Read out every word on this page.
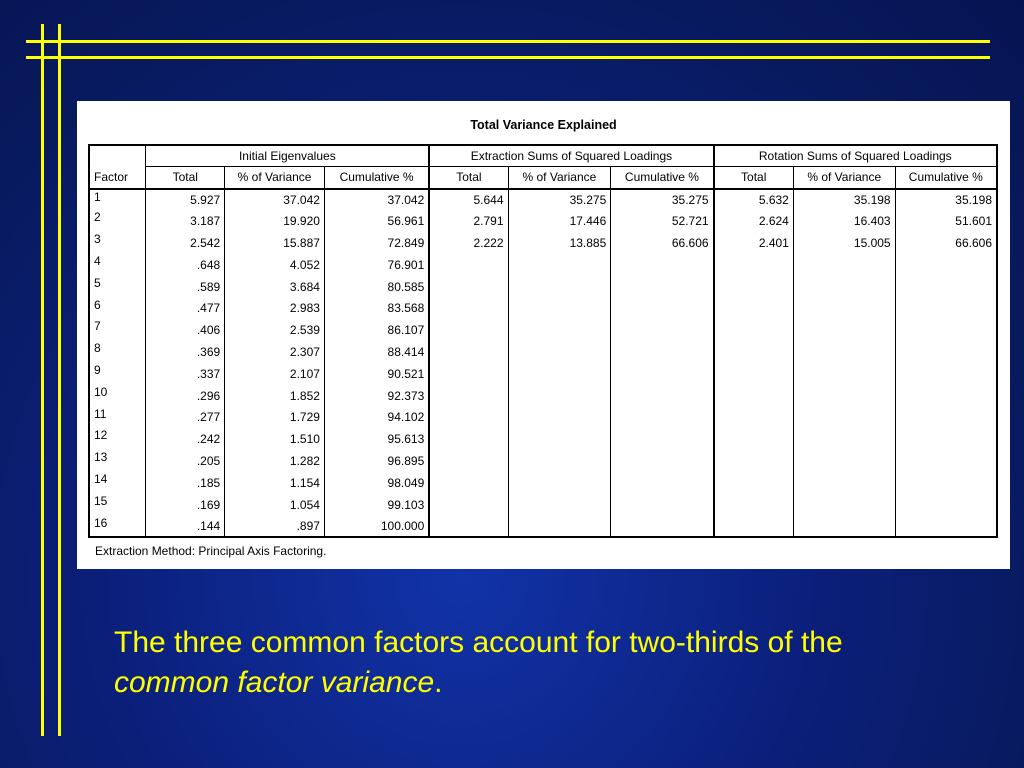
Total Variance Explained
	Initial Eigenvalues			Extraction Sums of Squared Loadings			Rotation Sums of Squared Loadings		
Factor	Total	% of Variance	Cumulative %	Total	% of Variance	Cumulative %	Total	% of Variance	Cumulative %
1	5.927	37.042	37.042	5.644	35.275	35.275	5.632	35.198	35.198
2	3.187	19.920	56.961	2.791	17.446	52.721	2.624	16.403	51.601
3	2.542	15.887	72.849	2.222	13.885	66.606	2.401	15.005	66.606
4	.648	4.052	76.901						
5	.589	3.684	80.585						
6	.477	2.983	83.568						
7	.406	2.539	86.107						
8	.369	2.307	88.414						
9	.337	2.107	90.521						
10	.296	1.852	92.373						
11	.277	1.729	94.102						
12	.242	1.510	95.613						
13	.205	1.282	96.895						
14	.185	1.154	98.049						
15	.169	1.054	99.103						
16	.144	.897	100.000						
Extraction Method: Principal Axis Factoring.
The three common factors account for two-thirds of the
common factor variance.
